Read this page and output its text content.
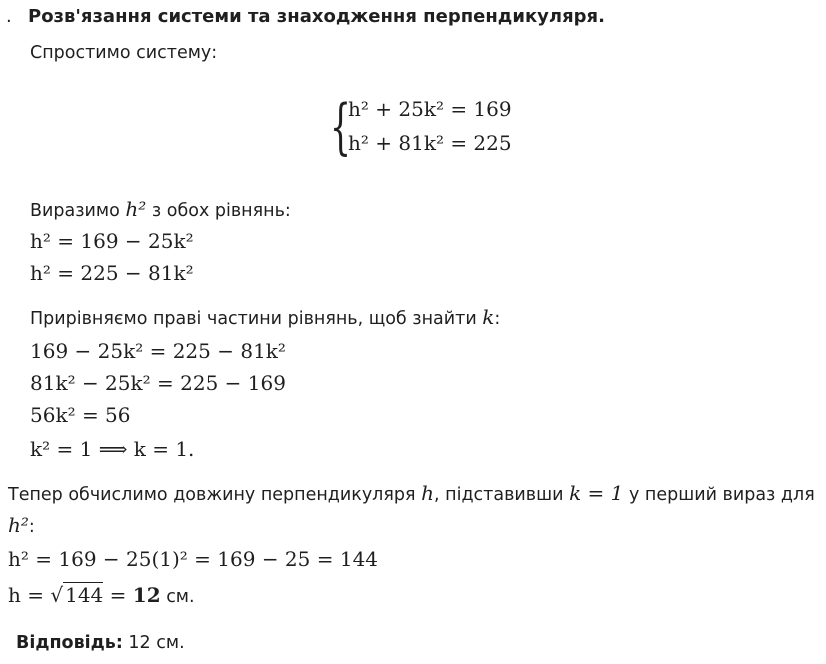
. Розв'язання системи та знаходження перпендикуляря.
Спростимо систему:
{
h² + 25k² = 169
h² + 81k² = 225
Виразимо h² з обох рівнянь:
h² = 169 − 25k²
h² = 225 − 81k²
Прирівняємо праві частини рівнянь, щоб знайти k:
169 − 25k² = 225 − 81k²
81k² − 25k² = 225 − 169
56k² = 56
k² = 1 ⟹ k = 1.
Тепер обчислимо довжину перпендикуляря h, підставивши k = 1 у перший вираз для
h²:
h² = 169 − 25(1)² = 169 − 25 = 144
h = √ 144 = 12 см.
Відповідь: 12 см.
